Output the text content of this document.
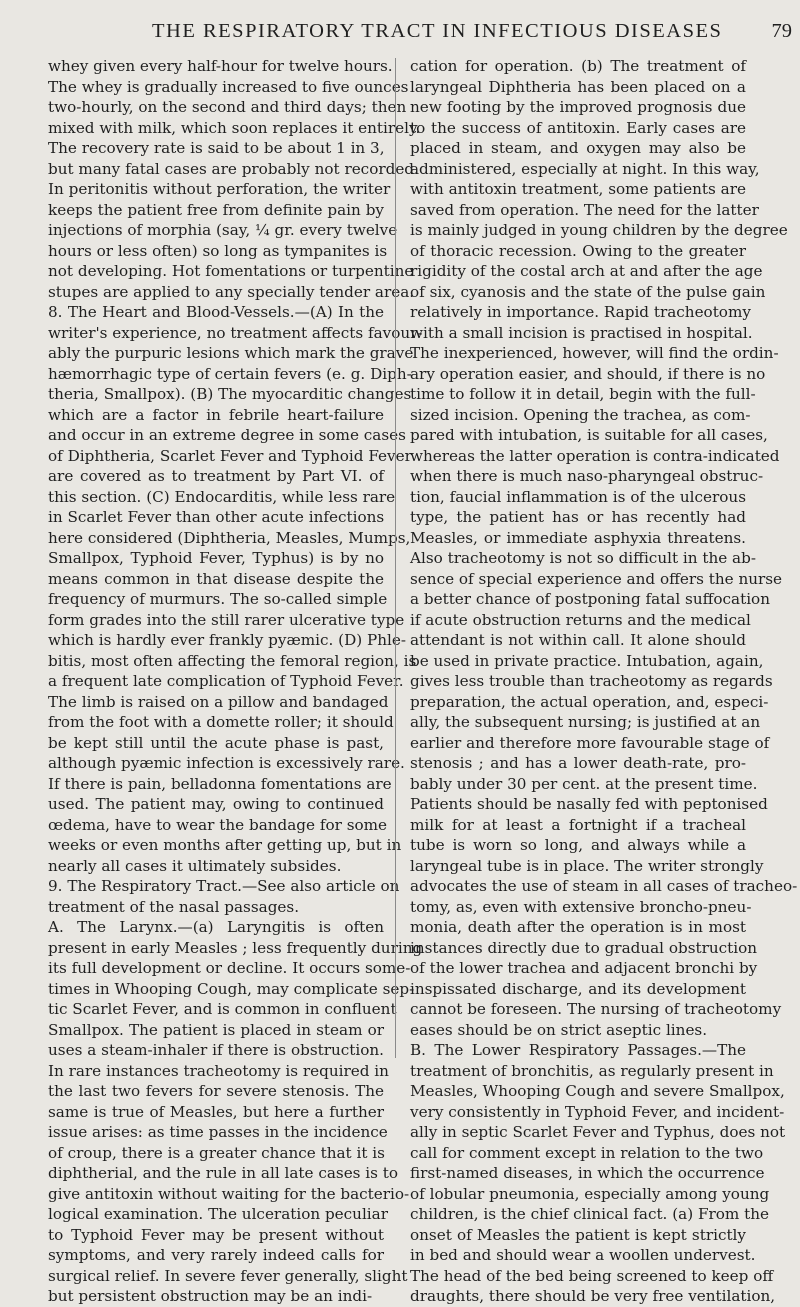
THE RESPIRATORY TRACT IN INFECTIOUS DISEASES 79
whey given every half-hour for twelve hours.
The whey is gradually increased to five ounces
two-hourly, on the second and third days; then
mixed with milk, which soon replaces it entirely.
The recovery rate is said to be about 1 in 3,
but many fatal cases are probably not recorded.
In peritonitis without perforation, the writer
keeps the patient free from definite pain by
injections of morphia (say, ¼ gr. every twelve
hours or less often) so long as tympanites is
not developing. Hot fomentations or turpentine
stupes are applied to any specially tender area.
8. The Heart and Blood-Vessels.—(A) In the
writer's experience, no treatment affects favour-
ably the purpuric lesions which mark the grave
hæmorrhagic type of certain fevers (e. g. Diph-
theria, Smallpox). (B) The myocarditic changes
which are a factor in febrile heart-failure
and occur in an extreme degree in some cases
of Diphtheria, Scarlet Fever and Typhoid Fever
are covered as to treatment by Part VI. of
this section. (C) Endocarditis, while less rare
in Scarlet Fever than other acute infections
here considered (Diphtheria, Measles, Mumps,
Smallpox, Typhoid Fever, Typhus) is by no
means common in that disease despite the
frequency of murmurs. The so-called simple
form grades into the still rarer ulcerative type
which is hardly ever frankly pyæmic. (D) Phle-
bitis, most often affecting the femoral region, is
a frequent late complication of Typhoid Fever.
The limb is raised on a pillow and bandaged
from the foot with a domette roller; it should
be kept still until the acute phase is past,
although pyæmic infection is excessively rare.
If there is pain, belladonna fomentations are
used. The patient may, owing to continued
œdema, have to wear the bandage for some
weeks or even months after getting up, but in
nearly all cases it ultimately subsides.
9. The Respiratory Tract.—See also article on
treatment of the nasal passages.
A. The Larynx.—(a) Laryngitis is often
present in early Measles ; less frequently during
its full development or decline. It occurs some-
times in Whooping Cough, may complicate sep-
tic Scarlet Fever, and is common in confluent
Smallpox. The patient is placed in steam or
uses a steam-inhaler if there is obstruction.
In rare instances tracheotomy is required in
the last two fevers for severe stenosis. The
same is true of Measles, but here a further
issue arises: as time passes in the incidence
of croup, there is a greater chance that it is
diphtherial, and the rule in all late cases is to
give antitoxin without waiting for the bacterio-
logical examination. The ulceration peculiar
to Typhoid Fever may be present without
symptoms, and very rarely indeed calls for
surgical relief. In severe fever generally, slight
but persistent obstruction may be an indi-
cation for operation. (b) The treatment of
laryngeal Diphtheria has been placed on a
new footing by the improved prognosis due
to the success of antitoxin. Early cases are
placed in steam, and oxygen may also be
administered, especially at night. In this way,
with antitoxin treatment, some patients are
saved from operation. The need for the latter
is mainly judged in young children by the degree
of thoracic recession. Owing to the greater
rigidity of the costal arch at and after the age
of six, cyanosis and the state of the pulse gain
relatively in importance. Rapid tracheotomy
with a small incision is practised in hospital.
The inexperienced, however, will find the ordin-
ary operation easier, and should, if there is no
time to follow it in detail, begin with the full-
sized incision. Opening the trachea, as com-
pared with intubation, is suitable for all cases,
whereas the latter operation is contra-indicated
when there is much naso-pharyngeal obstruc-
tion, faucial inflammation is of the ulcerous
type, the patient has or has recently had
Measles, or immediate asphyxia threatens.
Also tracheotomy is not so difficult in the ab-
sence of special experience and offers the nurse
a better chance of postponing fatal suffocation
if acute obstruction returns and the medical
attendant is not within call. It alone should
be used in private practice. Intubation, again,
gives less trouble than tracheotomy as regards
preparation, the actual operation, and, especi-
ally, the subsequent nursing; is justified at an
earlier and therefore more favourable stage of
stenosis ; and has a lower death-rate, pro-
bably under 30 per cent. at the present time.
Patients should be nasally fed with peptonised
milk for at least a fortnight if a tracheal
tube is worn so long, and always while a
laryngeal tube is in place. The writer strongly
advocates the use of steam in all cases of tracheo-
tomy, as, even with extensive broncho-pneu-
monia, death after the operation is in most
instances directly due to gradual obstruction
of the lower trachea and adjacent bronchi by
inspissated discharge, and its development
cannot be foreseen. The nursing of tracheotomy
eases should be on strict aseptic lines.
B. The Lower Respiratory Passages.—The
treatment of bronchitis, as regularly present in
Measles, Whooping Cough and severe Smallpox,
very consistently in Typhoid Fever, and incident-
ally in septic Scarlet Fever and Typhus, does not
call for comment except in relation to the two
first-named diseases, in which the occurrence
of lobular pneumonia, especially among young
children, is the chief clinical fact. (a) From the
onset of Measles the patient is kept strictly
in bed and should wear a woollen undervest.
The head of the bed being screened to keep off
draughts, there should be very free ventilation,
